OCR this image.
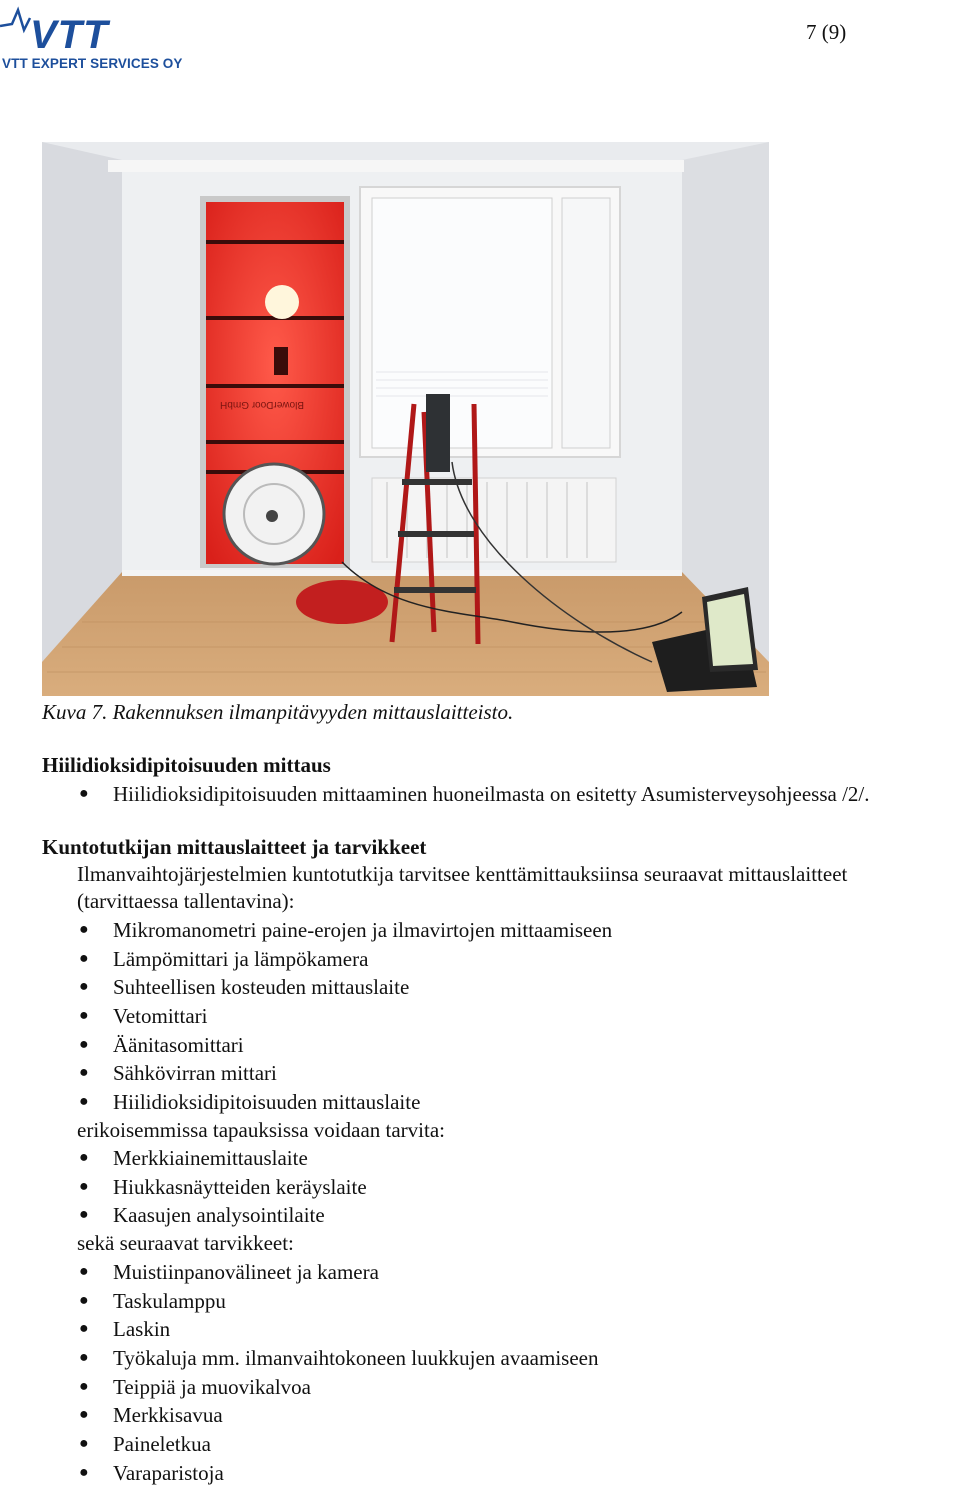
VTT
VTT EXPERT SERVICES OY
7 (9)
BlowerDoor GmbH
Kuva 7. Rakennuksen ilmanpitävyyden mittauslaitteisto.
Hiilidioksidipitoisuuden mittaus
● Hiilidioksidipitoisuuden mittaaminen huoneilmasta on esitetty Asumisterveysohjeessa /2/.
Kuntotutkijan mittauslaitteet ja tarvikkeet
Ilmanvaihtojärjestelmien kuntotutkija tarvitsee kenttämittauksiinsa seuraavat mittauslaitteet
(tarvittaessa tallentavina):
● Mikromanometri paine-erojen ja ilmavirtojen mittaamiseen
● Lämpömittari ja lämpökamera
● Suhteellisen kosteuden mittauslaite
● Vetomittari
● Äänitasomittari
● Sähkövirran mittari
● Hiilidioksidipitoisuuden mittauslaite
erikoisemmissa tapauksissa voidaan tarvita:
● Merkkiainemittauslaite
● Hiukkasnäytteiden keräyslaite
● Kaasujen analysointilaite
sekä seuraavat tarvikkeet:
● Muistiinpanovälineet ja kamera
● Taskulamppu
● Laskin
● Työkaluja mm. ilmanvaihtokoneen luukkujen avaamiseen
● Teippiä ja muovikalvoa
● Merkkisavua
● Paineletkua
● Varaparistoja
